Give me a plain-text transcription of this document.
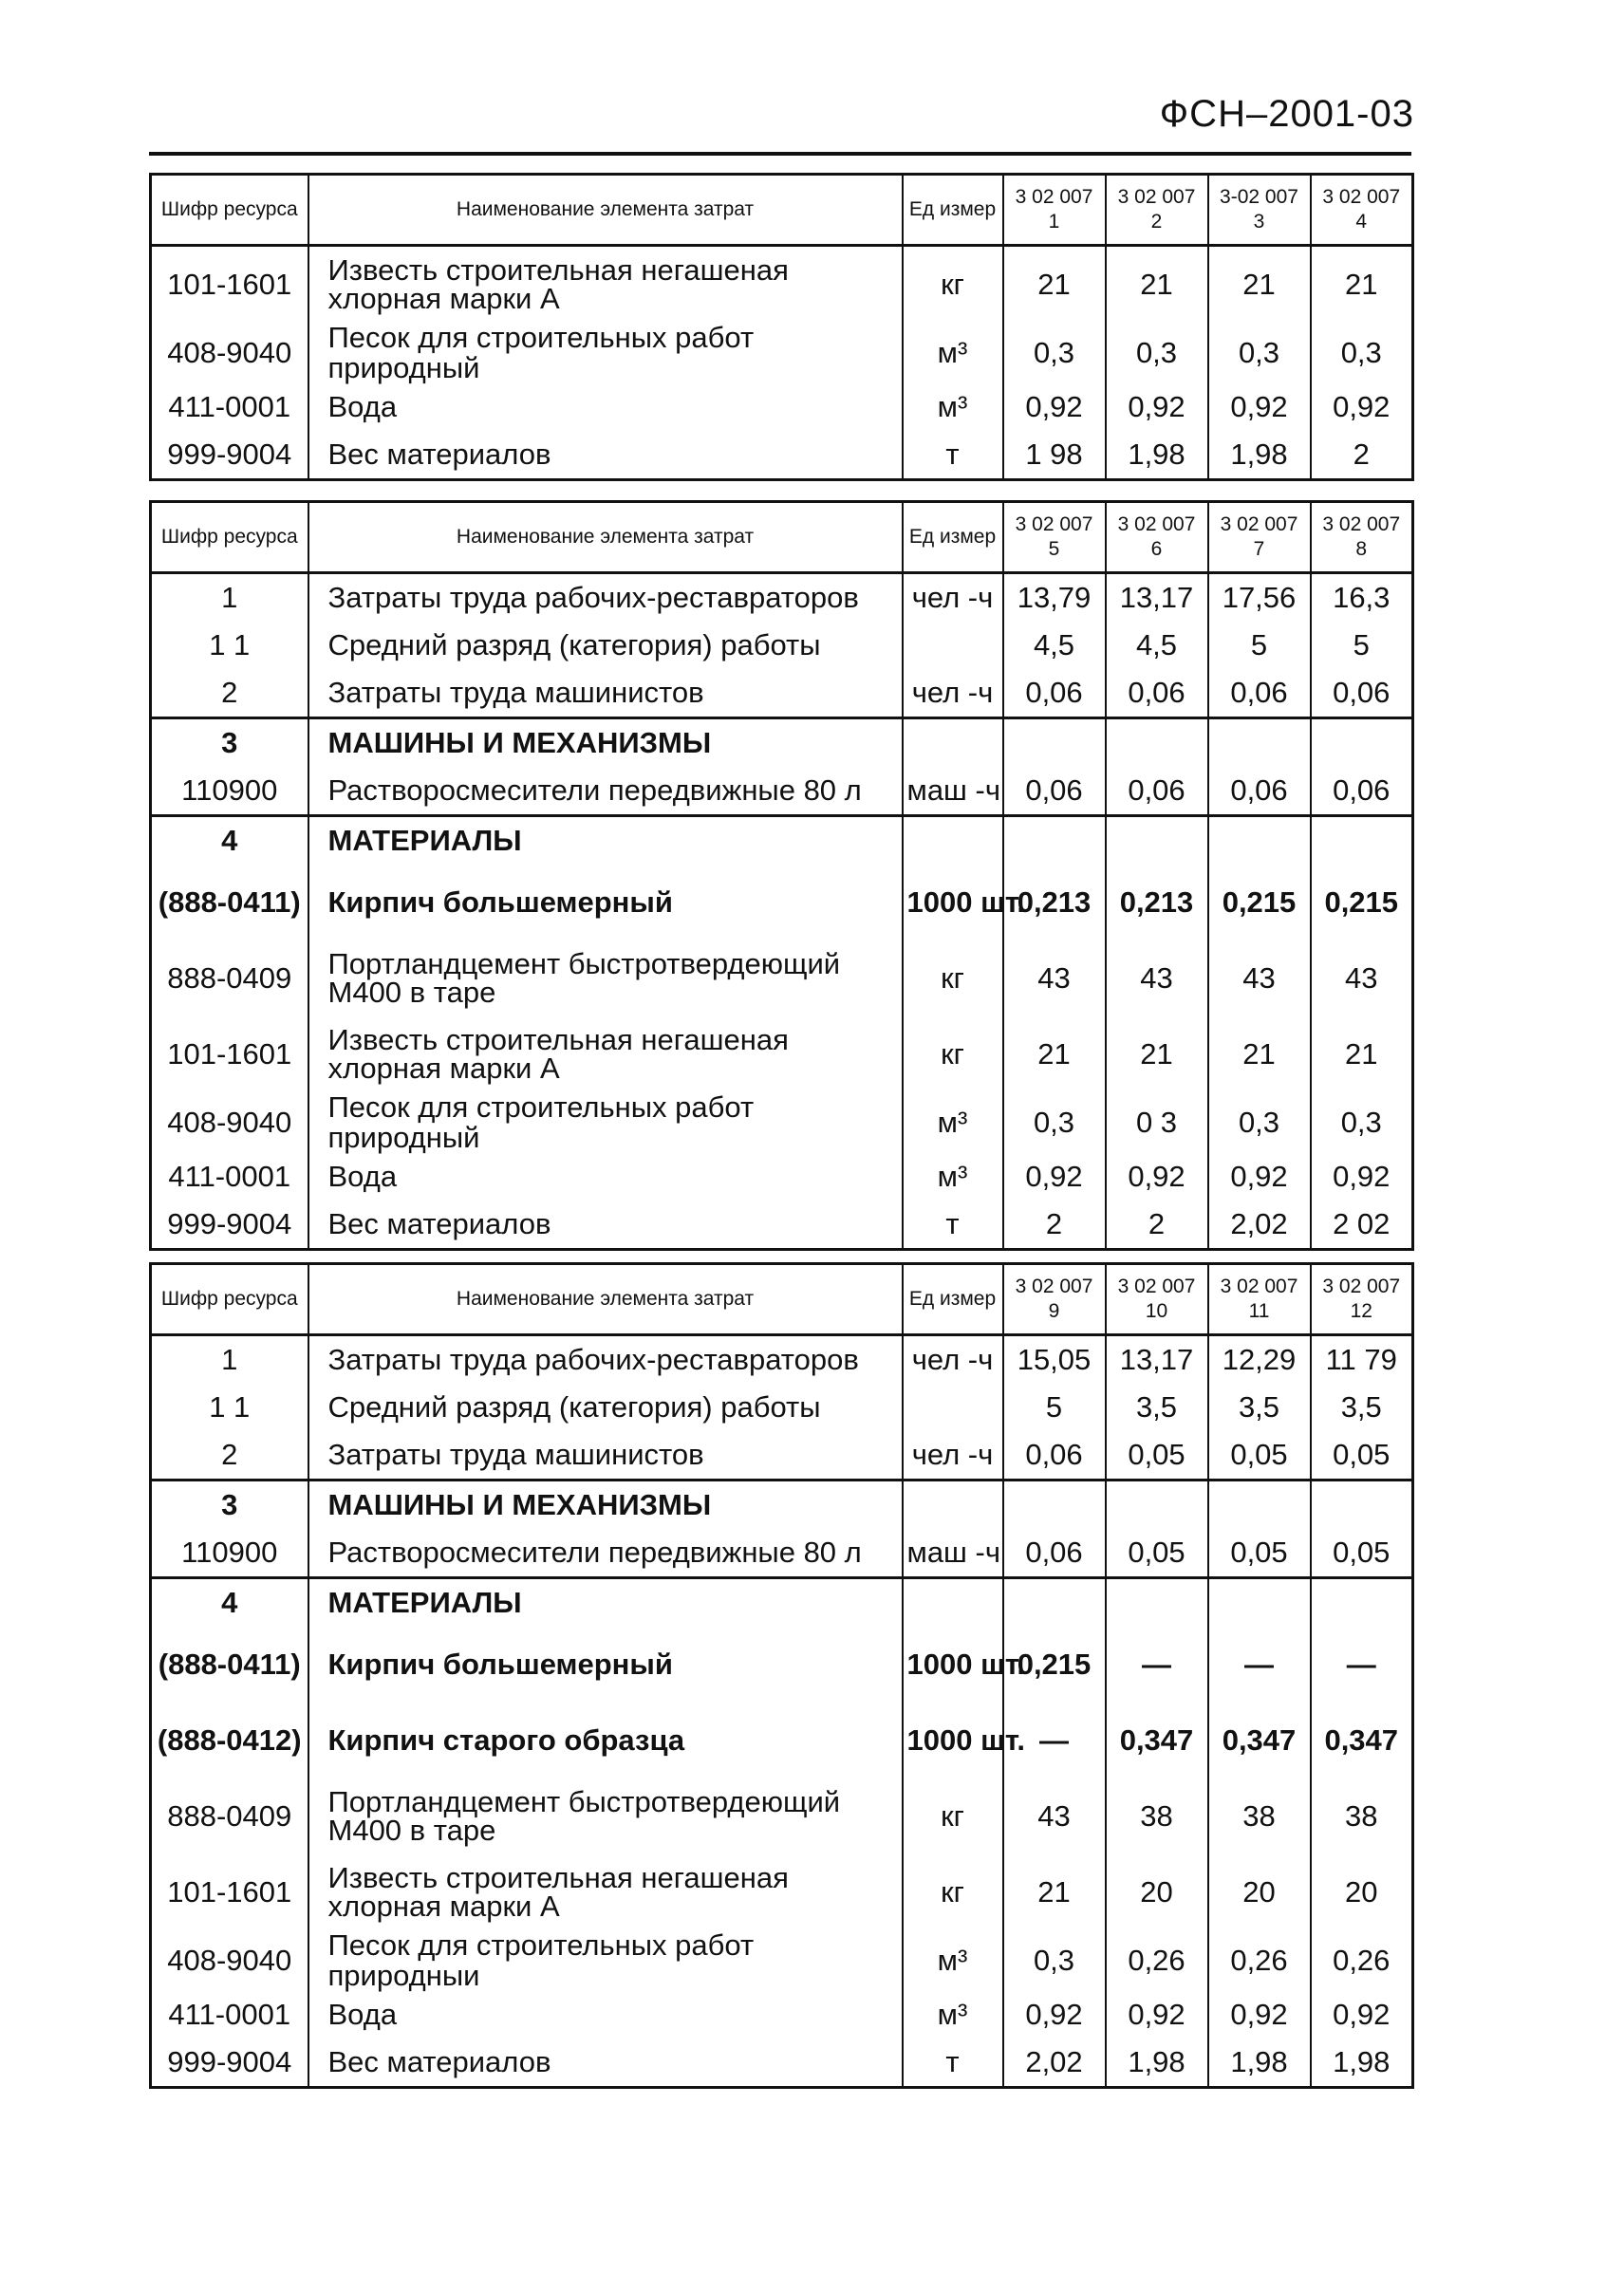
ФСН–2001-03
Шифр ресурса	Наименование элемента затрат	Ед измер	3 02 007 1	3 02 007 2	3-02 007 3	3 02 007 4
101-1601	Известь строительная негашеная хлорная марки А	кг	21	21	21	21
408-9040	Песок для строительных работ природный	м³	0,3	0,3	0,3	0,3
411-0001	Вода	м³	0,92	0,92	0,92	0,92
999-9004	Вес материалов	т	1 98	1,98	1,98	2
Шифр ресурса	Наименование элемента затрат	Ед измер	3 02 007 5	3 02 007 6	3 02 007 7	3 02 007 8
1	Затраты труда рабочих-реставраторов	чел -ч	13,79	13,17	17,56	16,3
1 1	Средний разряд (категория) работы		4,5	4,5	5	5
2	Затраты труда машинистов	чел -ч	0,06	0,06	0,06	0,06
3	МАШИНЫ И МЕХАНИЗМЫ					
110900	Растворосмесители передвижные 80 л	маш -ч	0,06	0,06	0,06	0,06
4	МАТЕРИАЛЫ					
(888-0411)	Кирпич большемерный	1000 шт.	0,213	0,213	0,215	0,215
888-0409	Портландцемент быстротвердеющий М400 в таре	кг	43	43	43	43
101-1601	Известь строительная негашеная хлорная марки А	кг	21	21	21	21
408-9040	Песок для строительных работ природный	м³	0,3	0 3	0,3	0,3
411-0001	Вода	м³	0,92	0,92	0,92	0,92
999-9004	Вес материалов	т	2	2	2,02	2 02
Шифр ресурса	Наименование элемента затрат	Ед измер	3 02 007 9	3 02 007 10	3 02 007 11	3 02 007 12
1	Затраты труда рабочих-реставраторов	чел -ч	15,05	13,17	12,29	11 79
1 1	Средний разряд (категория) работы		5	3,5	3,5	3,5
2	Затраты труда машинистов	чел -ч	0,06	0,05	0,05	0,05
3	МАШИНЫ И МЕХАНИЗМЫ					
110900	Растворосмесители передвижные 80 л	маш -ч	0,06	0,05	0,05	0,05
4	МАТЕРИАЛЫ					
(888-0411)	Кирпич большемерный	1000 шт.	0,215	—	—	—
(888-0412)	Кирпич старого образца	1000 шт.	—	0,347	0,347	0,347
888-0409	Портландцемент быстротвердеющий М400 в таре	кг	43	38	38	38
101-1601	Известь строительная негашеная хлорная марки А	кг	21	20	20	20
408-9040	Песок для строительных работ природныи	м³	0,3	0,26	0,26	0,26
411-0001	Вода	м³	0,92	0,92	0,92	0,92
999-9004	Вес материалов	т	2,02	1,98	1,98	1,98
